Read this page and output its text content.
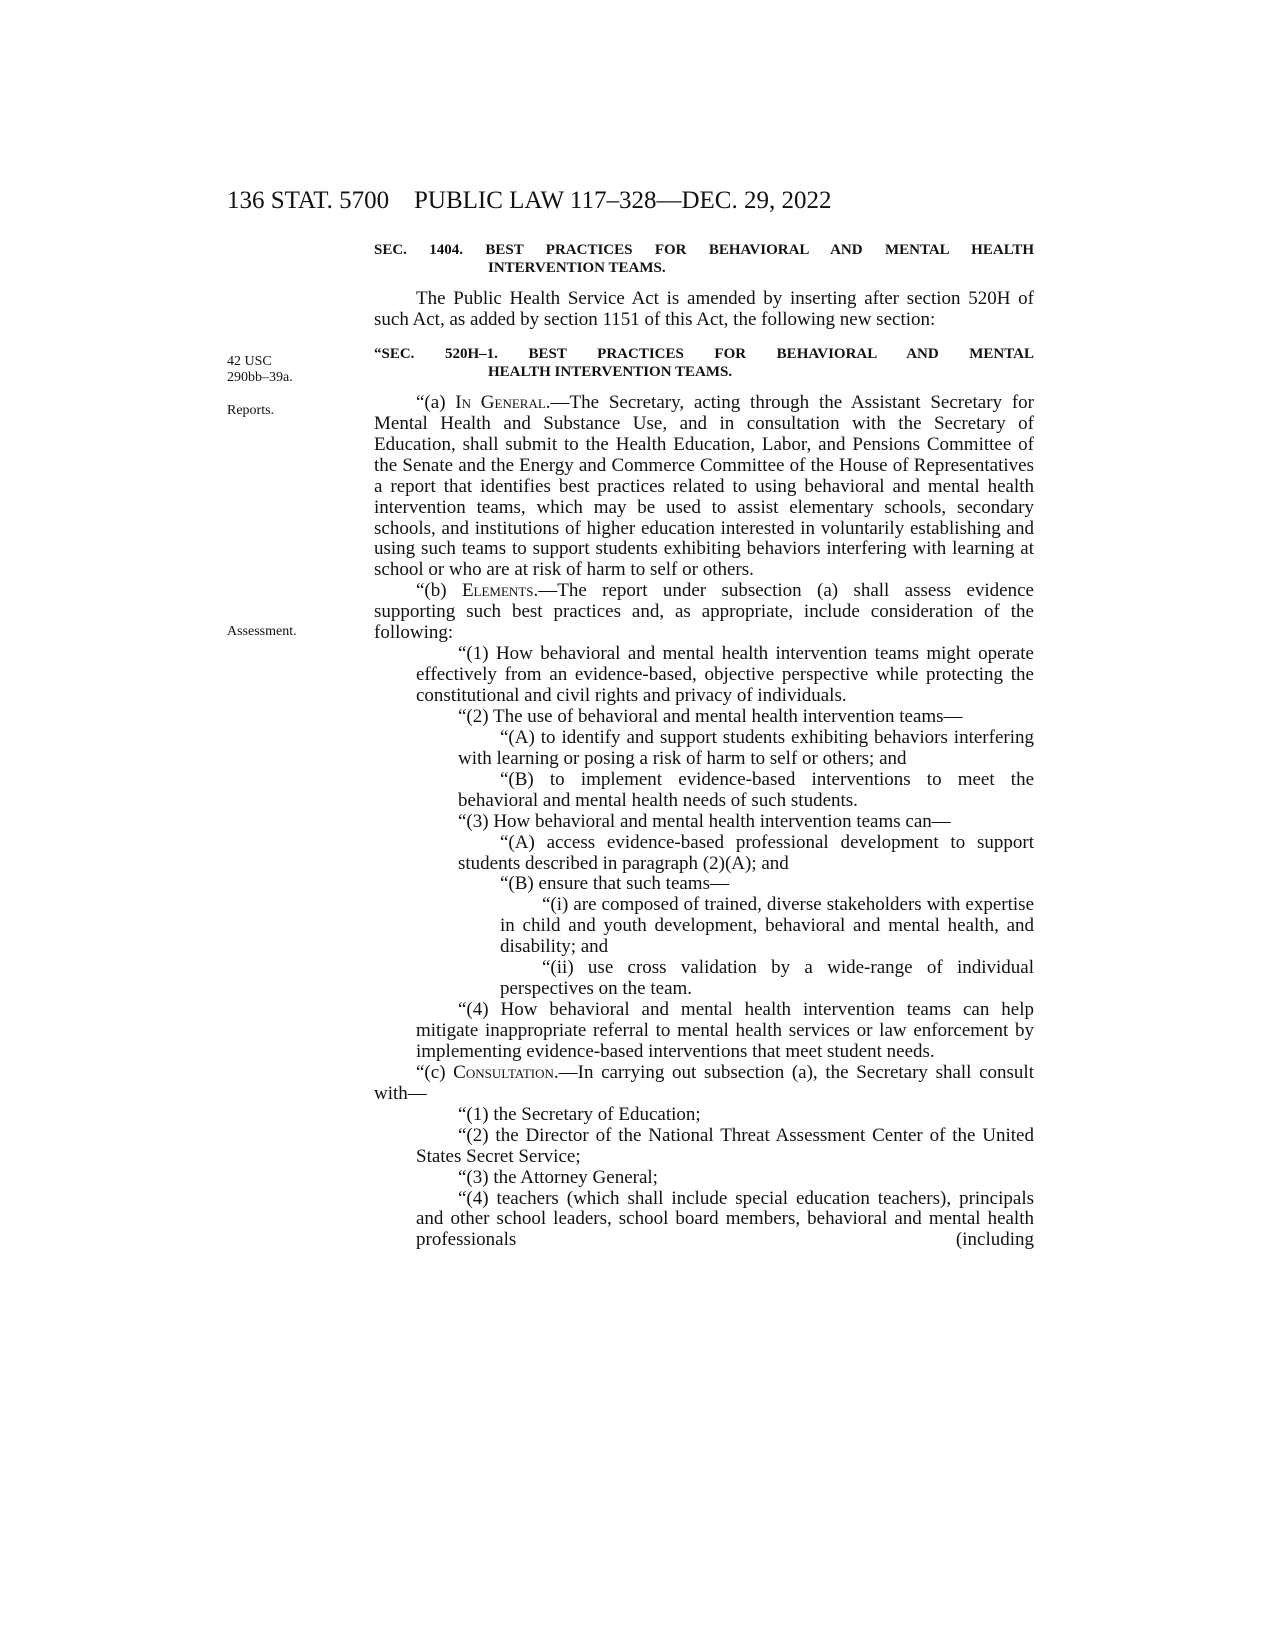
136 STAT. 5700 PUBLIC LAW 117–328—DEC. 29, 2022
42 USC
290bb–39a.
Reports.
Assessment.
SEC. 1404. BEST PRACTICES FOR BEHAVIORAL AND MENTAL HEALTH
INTERVENTION TEAMS.

The Public Health Service Act is amended by inserting after section 520H of such Act, as added by section 1151 of this Act, the following new section:

“SEC. 520H–1. BEST PRACTICES FOR BEHAVIORAL AND MENTAL
HEALTH INTERVENTION TEAMS.

“(a) In General.—The Secretary, acting through the Assistant Secretary for Mental Health and Substance Use, and in consultation with the Secretary of Education, shall submit to the Health Education, Labor, and Pensions Committee of the Senate and the Energy and Commerce Committee of the House of Representatives a report that identifies best practices related to using behavioral and mental health intervention teams, which may be used to assist elementary schools, secondary schools, and institutions of higher education interested in voluntarily establishing and using such teams to support students exhibiting behaviors interfering with learning at school or who are at risk of harm to self or others.

“(b) Elements.—The report under subsection (a) shall assess evidence supporting such best practices and, as appropriate, include consideration of the following:

“(1) How behavioral and mental health intervention teams might operate effectively from an evidence-based, objective perspective while protecting the constitutional and civil rights and privacy of individuals.

“(2) The use of behavioral and mental health intervention teams—

“(A) to identify and support students exhibiting behaviors interfering with learning or posing a risk of harm to self or others; and

“(B) to implement evidence-based interventions to meet the behavioral and mental health needs of such students.

“(3) How behavioral and mental health intervention teams can—

“(A) access evidence-based professional development to support students described in paragraph (2)(A); and

“(B) ensure that such teams—

“(i) are composed of trained, diverse stakeholders with expertise in child and youth development, behavioral and mental health, and disability; and

“(ii) use cross validation by a wide-range of individual perspectives on the team.

“(4) How behavioral and mental health intervention teams can help mitigate inappropriate referral to mental health services or law enforcement by implementing evidence-based interventions that meet student needs.

“(c) Consultation.—In carrying out subsection (a), the Secretary shall consult with—

“(1) the Secretary of Education;

“(2) the Director of the National Threat Assessment Center of the United States Secret Service;

“(3) the Attorney General;

“(4) teachers (which shall include special education teachers), principals and other school leaders, school board members, behavioral and mental health professionals (including
